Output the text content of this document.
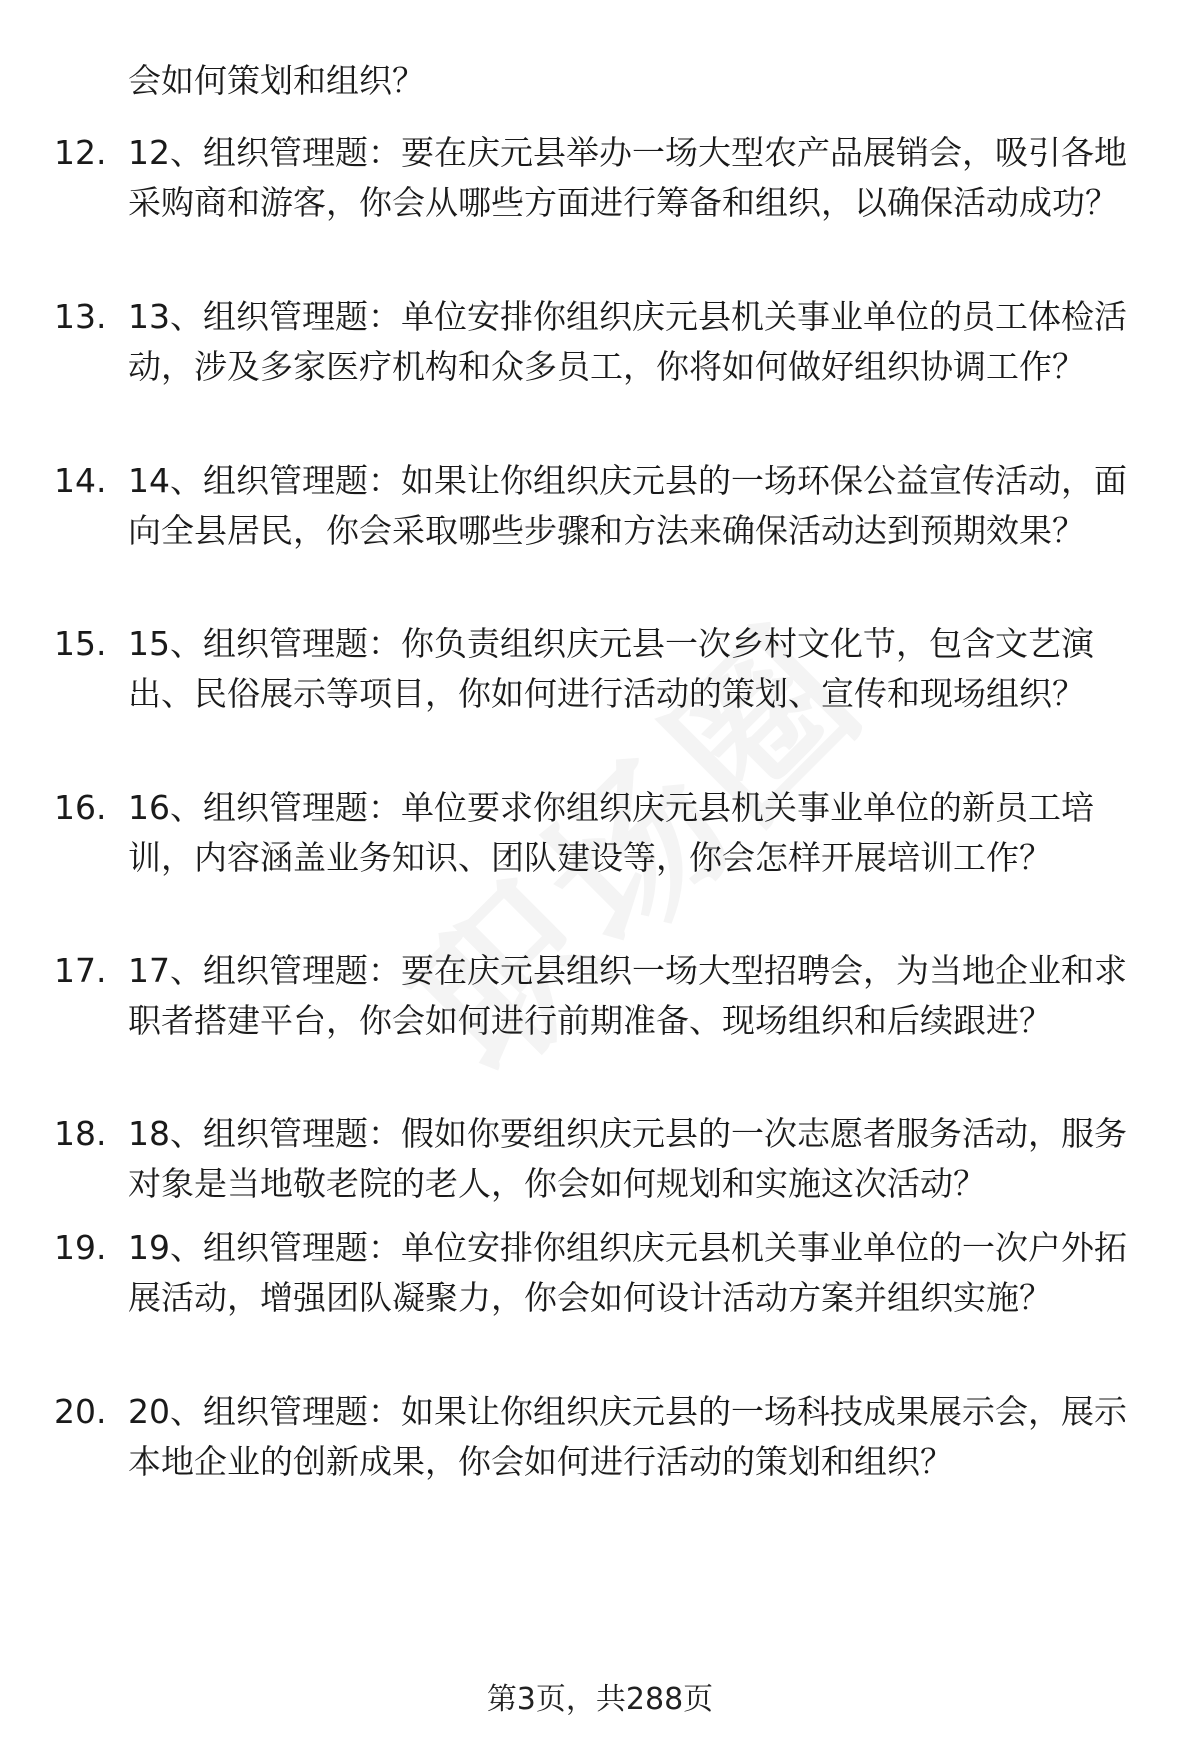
会如何策划和组织？
12. 12、组织管理题：要在庆元县举办一场大型农产品展销会，吸引各地采购商和游客，你会从哪些方面进行筹备和组织，以确保活动成功？
13. 13、组织管理题：单位安排你组织庆元县机关事业单位的员工体检活动，涉及多家医疗机构和众多员工，你将如何做好组织协调工作？
14. 14、组织管理题：如果让你组织庆元县的一场环保公益宣传活动，面向全县居民，你会采取哪些步骤和方法来确保活动达到预期效果？
15. 15、组织管理题：你负责组织庆元县一次乡村文化节，包含文艺演出、民俗展示等项目，你如何进行活动的策划、宣传和现场组织？
16. 16、组织管理题：单位要求你组织庆元县机关事业单位的新员工培训，内容涵盖业务知识、团队建设等，你会怎样开展培训工作？
17. 17、组织管理题：要在庆元县组织一场大型招聘会，为当地企业和求职者搭建平台，你会如何进行前期准备、现场组织和后续跟进？
18. 18、组织管理题：假如你要组织庆元县的一次志愿者服务活动，服务对象是当地敬老院的老人，你会如何规划和实施这次活动？
19. 19、组织管理题：单位安排你组织庆元县机关事业单位的一次户外拓展活动，增强团队凝聚力，你会如何设计活动方案并组织实施？
20. 20、组织管理题：如果让你组织庆元县的一场科技成果展示会，展示本地企业的创新成果，你会如何进行活动的策划和组织？
第3页，共288页
